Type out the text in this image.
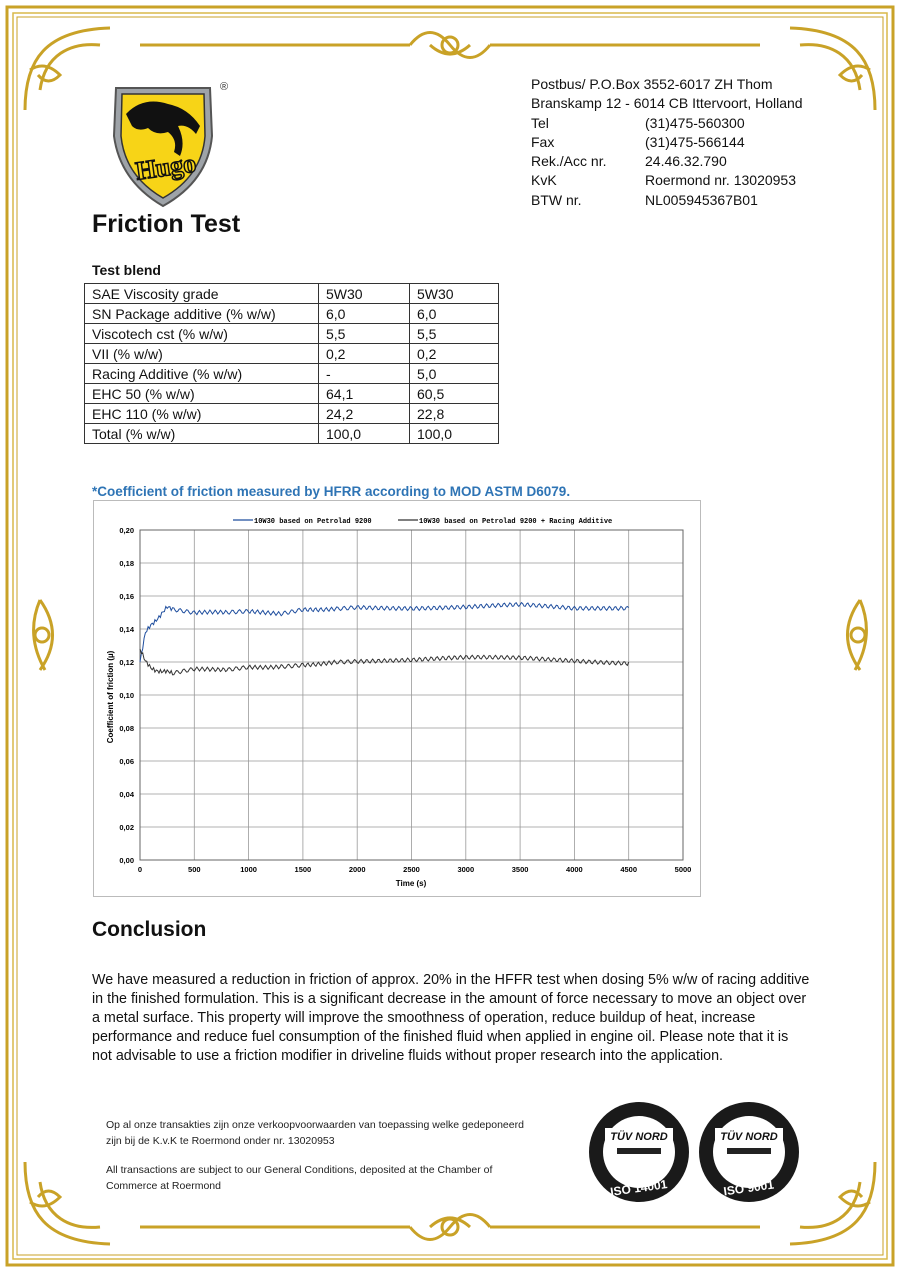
Hugo
®	Postbus/ P.O.Box 3552-6017 ZH Thom
Branskamp 12 - 6014 CB Ittervoort, Holland
Tel	(31)475-560300
Fax	(31)475-566144
Rek./Acc nr.	24.46.32.790
KvK	Roermond nr. 13020953
BTW nr.	NL005945367B01
Friction Test
Test blend
SAE Viscosity grade	5W30	5W30
SN Package additive (% w/w)	6,0	6,0
Viscotech cst (% w/w)	5,5	5,5
VII (% w/w)	0,2	0,2
Racing Additive (% w/w)	-	5,0
EHC 50 (% w/w)	64,1	60,5
EHC 110 (% w/w)	24,2	22,8
Total (% w/w)	100,0	100,0
*Coefficient of friction measured by HFRR according to MOD ASTM D6079.
0	500	1000	1500	2000	2500	3000	3500	4000	4500	5000
0,00
0,02
0,04
0,06
0,08
0,10
0,12
0,14
0,16
0,18
0,20
10W30 based on Petrolad 9200	10W30 based on Petrolad 9200 + Racing Additive
Time (s)
Coefficient of friction (µ)
Conclusion

We have measured a reduction in friction of approx. 20% in the HFFR test when dosing 5% w/w of racing additive in the finished formulation. This is a significant decrease in the amount of force necessary to move an object over a metal surface. This property will improve the smoothness of operation, reduce buildup of heat, increase performance and reduce fuel consumption of the finished fluid when applied in engine oil. Please note that it is not advisable to use a friction modifier in driveline fluids without proper research into the application.

Op al onze transakties zijn onze verkoopvoorwaarden van toepassing welke gedeponeerd zijn bij de K.v.K te Roermond onder nr. 13020953

All transactions are subject to our General Conditions, deposited at the Chamber of Commerce at Roermond

TÜV NORD
ISO 14001
TÜV NORD
ISO 9001
